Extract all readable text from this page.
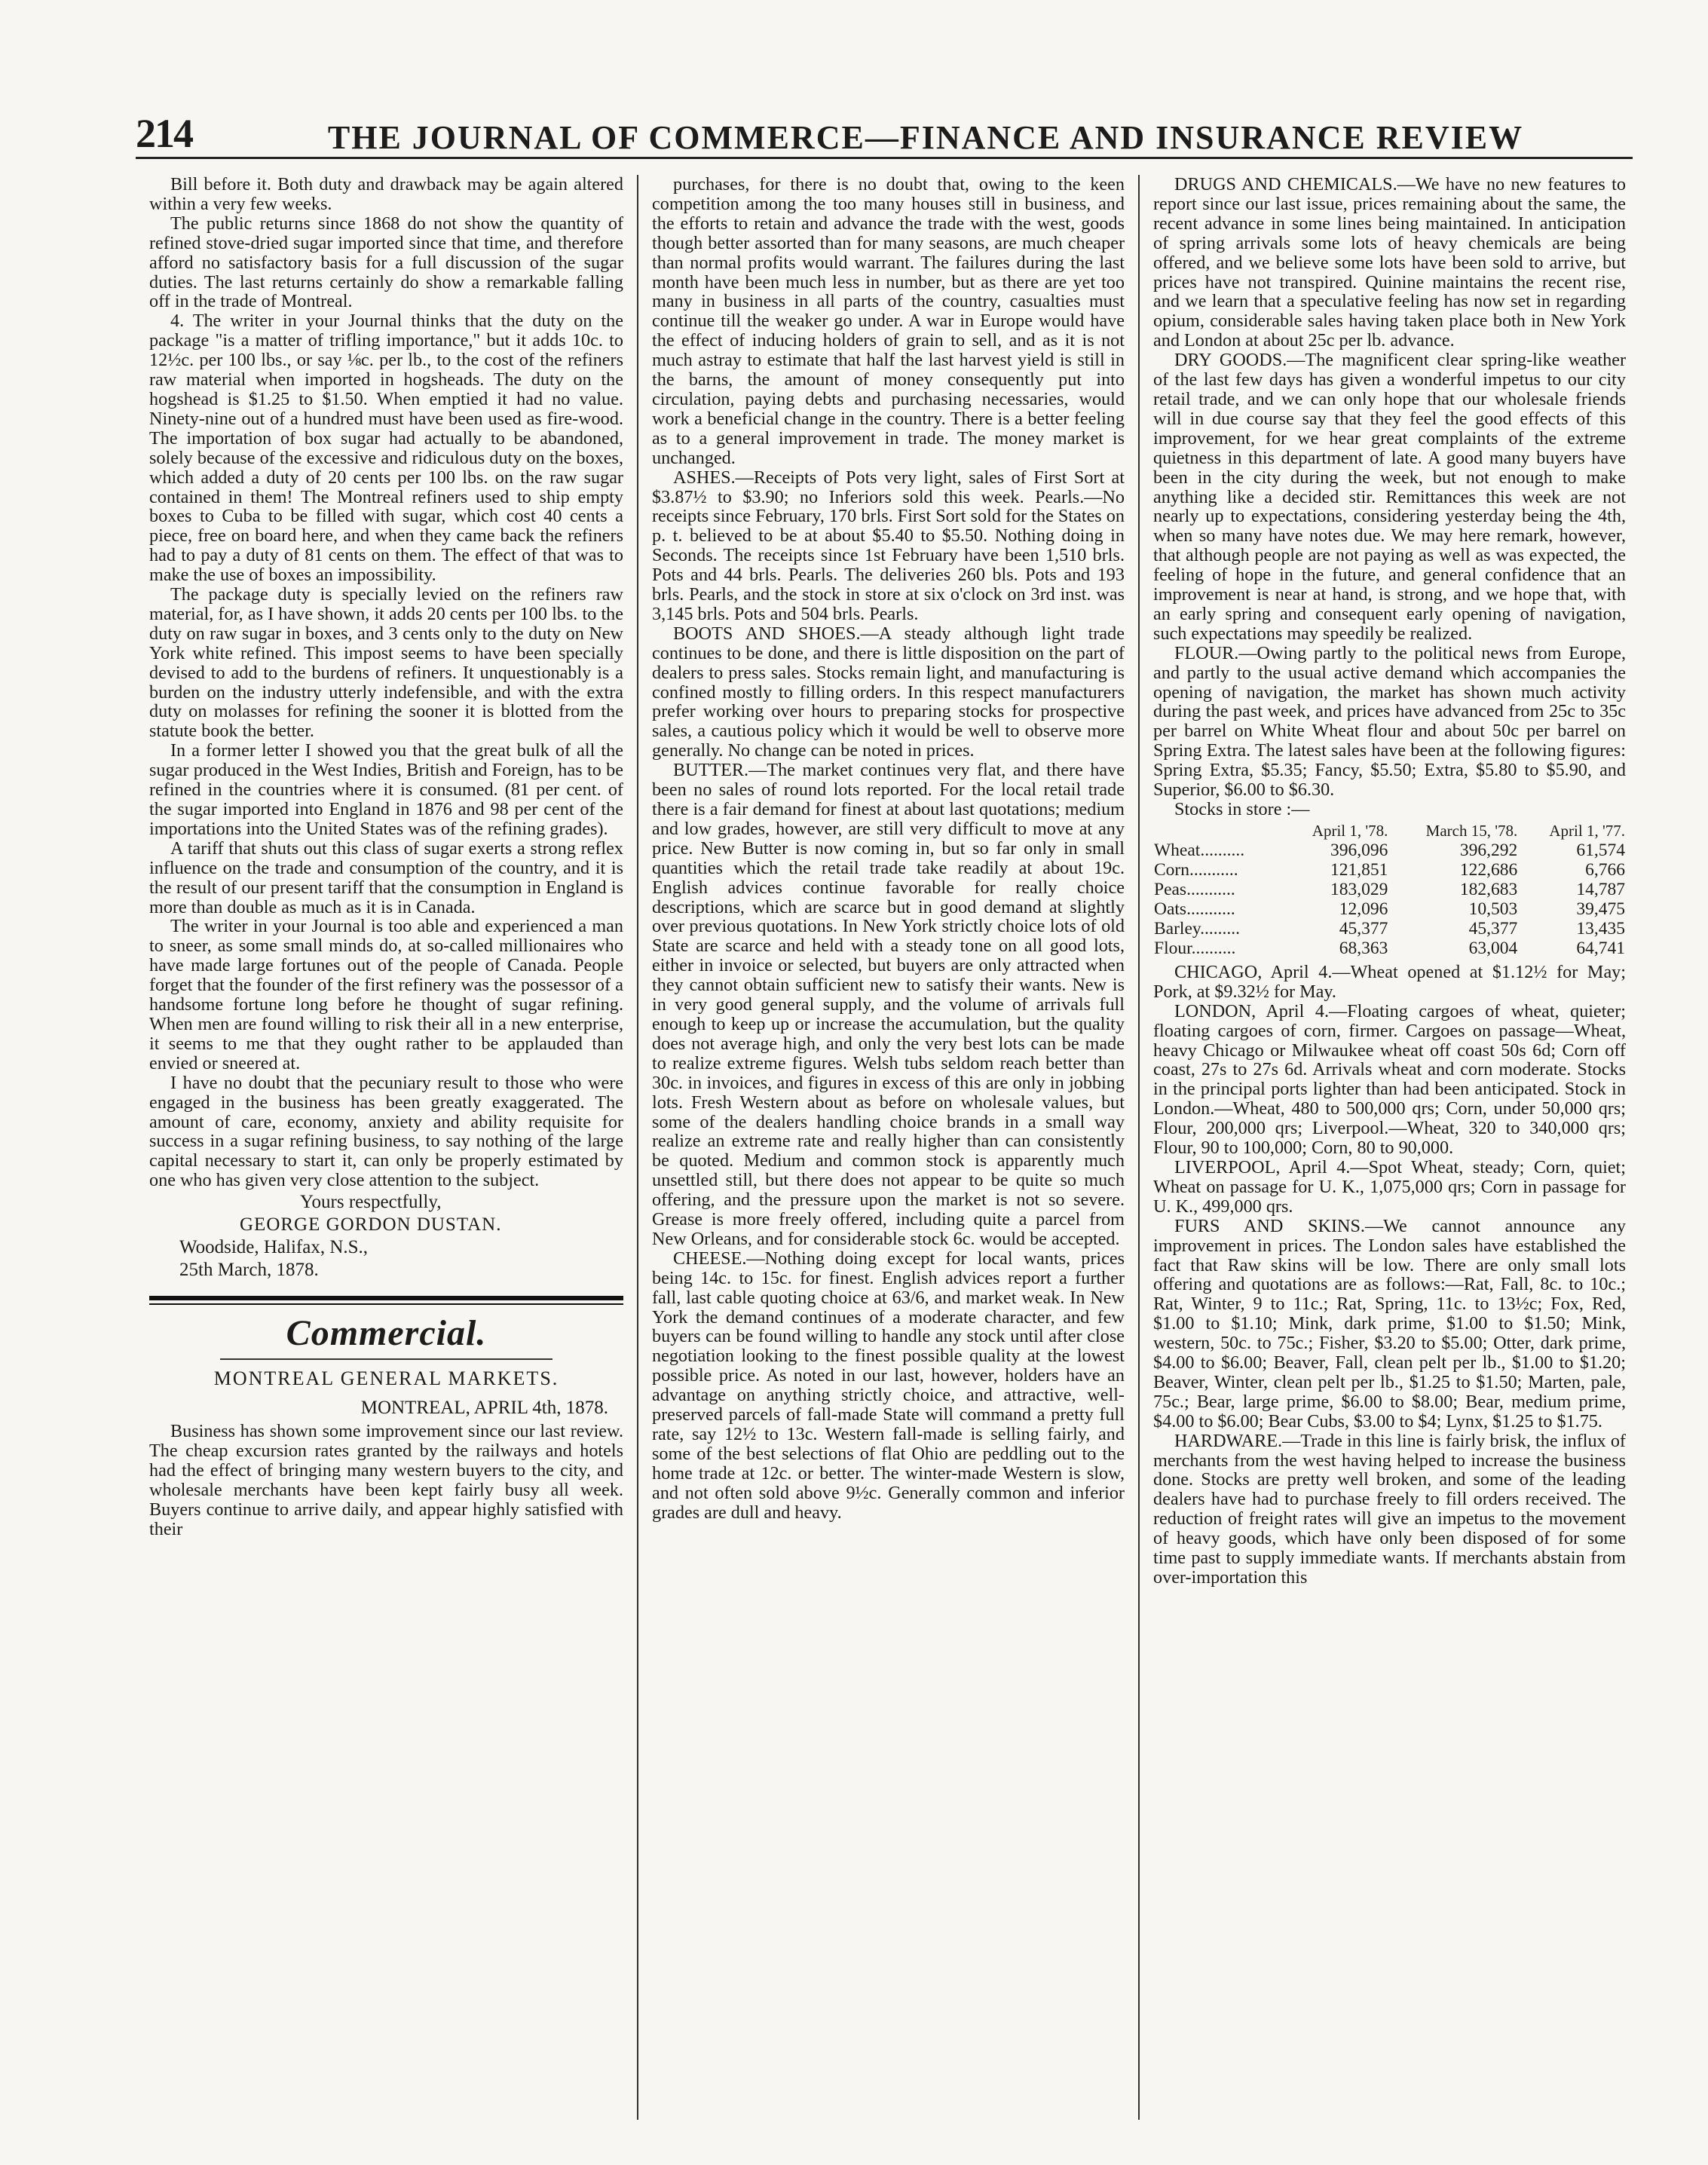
214	THE JOURNAL OF COMMERCE—FINANCE AND INSURANCE REVIEW

Bill before it. Both duty and drawback may be again altered within a very few weeks.

The public returns since 1868 do not show the quantity of refined stove-dried sugar imported since that time, and therefore afford no satisfactory basis for a full discussion of the sugar duties. The last returns certainly do show a remarkable falling off in the trade of Montreal.

4. The writer in your Journal thinks that the duty on the package "is a matter of trifling importance," but it adds 10c. to 12½c. per 100 lbs., or say ⅛c. per lb., to the cost of the refiners raw material when imported in hogsheads. The duty on the hogshead is $1.25 to $1.50. When emptied it had no value. Ninety-nine out of a hundred must have been used as fire-wood. The importation of box sugar had actually to be abandoned, solely because of the excessive and ridiculous duty on the boxes, which added a duty of 20 cents per 100 lbs. on the raw sugar contained in them! The Montreal refiners used to ship empty boxes to Cuba to be filled with sugar, which cost 40 cents a piece, free on board here, and when they came back the refiners had to pay a duty of 81 cents on them. The effect of that was to make the use of boxes an impossibility.

The package duty is specially levied on the refiners raw material, for, as I have shown, it adds 20 cents per 100 lbs. to the duty on raw sugar in boxes, and 3 cents only to the duty on New York white refined. This impost seems to have been specially devised to add to the burdens of refiners. It unquestionably is a burden on the industry utterly indefensible, and with the extra duty on molasses for refining the sooner it is blotted from the statute book the better.

In a former letter I showed you that the great bulk of all the sugar produced in the West Indies, British and Foreign, has to be refined in the countries where it is consumed. (81 per cent. of the sugar imported into England in 1876 and 98 per cent of the importations into the United States was of the refining grades).

A tariff that shuts out this class of sugar exerts a strong reflex influence on the trade and consumption of the country, and it is the result of our present tariff that the consumption in England is more than double as much as it is in Canada.

The writer in your Journal is too able and experienced a man to sneer, as some small minds do, at so-called millionaires who have made large fortunes out of the people of Canada. People forget that the founder of the first refinery was the possessor of a handsome fortune long before he thought of sugar refining. When men are found willing to risk their all in a new enterprise, it seems to me that they ought rather to be applauded than envied or sneered at.

I have no doubt that the pecuniary result to those who were engaged in the business has been greatly exaggerated. The amount of care, economy, anxiety and ability requisite for success in a sugar refining business, to say nothing of the large capital necessary to start it, can only be properly estimated by one who has given very close attention to the subject.

Yours respectfully,
GEORGE GORDON DUSTAN.
Woodside, Halifax, N.S.,
25th March, 1878.
Commercial.
MONTREAL GENERAL MARKETS.
MONTREAL, APRIL 4th, 1878.

Business has shown some improvement since our last review. The cheap excursion rates granted by the railways and hotels had the effect of bringing many western buyers to the city, and wholesale merchants have been kept fairly busy all week. Buyers continue to arrive daily, and appear highly satisfied with their

purchases, for there is no doubt that, owing to the keen competition among the too many houses still in business, and the efforts to retain and advance the trade with the west, goods though better assorted than for many seasons, are much cheaper than normal profits would warrant. The failures during the last month have been much less in number, but as there are yet too many in business in all parts of the country, casualties must continue till the weaker go under. A war in Europe would have the effect of inducing holders of grain to sell, and as it is not much astray to estimate that half the last harvest yield is still in the barns, the amount of money consequently put into circulation, paying debts and purchasing necessaries, would work a beneficial change in the country. There is a better feeling as to a general improvement in trade. The money market is unchanged.

ASHES.—Receipts of Pots very light, sales of First Sort at $3.87½ to $3.90; no Inferiors sold this week. Pearls.—No receipts since February, 170 brls. First Sort sold for the States on p. t. believed to be at about $5.40 to $5.50. Nothing doing in Seconds. The receipts since 1st February have been 1,510 brls. Pots and 44 brls. Pearls. The deliveries 260 bls. Pots and 193 brls. Pearls, and the stock in store at six o'clock on 3rd inst. was 3,145 brls. Pots and 504 brls. Pearls.

BOOTS AND SHOES.—A steady although light trade continues to be done, and there is little disposition on the part of dealers to press sales. Stocks remain light, and manufacturing is confined mostly to filling orders. In this respect manufacturers prefer working over hours to preparing stocks for prospective sales, a cautious policy which it would be well to observe more generally. No change can be noted in prices.

BUTTER.—The market continues very flat, and there have been no sales of round lots reported. For the local retail trade there is a fair demand for finest at about last quotations; medium and low grades, however, are still very difficult to move at any price. New Butter is now coming in, but so far only in small quantities which the retail trade take readily at about 19c. English advices continue favorable for really choice descriptions, which are scarce but in good demand at slightly over previous quotations. In New York strictly choice lots of old State are scarce and held with a steady tone on all good lots, either in invoice or selected, but buyers are only attracted when they cannot obtain sufficient new to satisfy their wants. New is in very good general supply, and the volume of arrivals full enough to keep up or increase the accumulation, but the quality does not average high, and only the very best lots can be made to realize extreme figures. Welsh tubs seldom reach better than 30c. in invoices, and figures in excess of this are only in jobbing lots. Fresh Western about as before on wholesale values, but some of the dealers handling choice brands in a small way realize an extreme rate and really higher than can consistently be quoted. Medium and common stock is apparently much unsettled still, but there does not appear to be quite so much offering, and the pressure upon the market is not so severe. Grease is more freely offered, including quite a parcel from New Orleans, and for considerable stock 6c. would be accepted.

CHEESE.—Nothing doing except for local wants, prices being 14c. to 15c. for finest. English advices report a further fall, last cable quoting choice at 63/6, and market weak. In New York the demand continues of a moderate character, and few buyers can be found willing to handle any stock until after close negotiation looking to the finest possible quality at the lowest possible price. As noted in our last, however, holders have an advantage on anything strictly choice, and attractive, well-preserved parcels of fall-made State will command a pretty full rate, say 12½ to 13c. Western fall-made is selling fairly, and some of the best selections of flat Ohio are peddling out to the home trade at 12c. or better. The winter-made Western is slow, and not often sold above 9½c. Generally common and inferior grades are dull and heavy.

DRUGS AND CHEMICALS.—We have no new features to report since our last issue, prices remaining about the same, the recent advance in some lines being maintained. In anticipation of spring arrivals some lots of heavy chemicals are being offered, and we believe some lots have been sold to arrive, but prices have not transpired. Quinine maintains the recent rise, and we learn that a speculative feeling has now set in regarding opium, considerable sales having taken place both in New York and London at about 25c per lb. advance.

DRY GOODS.—The magnificent clear spring-like weather of the last few days has given a wonderful impetus to our city retail trade, and we can only hope that our wholesale friends will in due course say that they feel the good effects of this improvement, for we hear great complaints of the extreme quietness in this department of late. A good many buyers have been in the city during the week, but not enough to make anything like a decided stir. Remittances this week are not nearly up to expectations, considering yesterday being the 4th, when so many have notes due. We may here remark, however, that although people are not paying as well as was expected, the feeling of hope in the future, and general confidence that an improvement is near at hand, is strong, and we hope that, with an early spring and consequent early opening of navigation, such expectations may speedily be realized.

FLOUR.—Owing partly to the political news from Europe, and partly to the usual active demand which accompanies the opening of navigation, the market has shown much activity during the past week, and prices have advanced from 25c to 35c per barrel on White Wheat flour and about 50c per barrel on Spring Extra. The latest sales have been at the following figures: Spring Extra, $5.35; Fancy, $5.50; Extra, $5.80 to $5.90, and Superior, $6.00 to $6.30.

Stocks in store :—

	April 1, '78.	March 15, '78.	April 1, '77.
Wheat..........	396,096	396,292	61,574
Corn...........	121,851	122,686	6,766
Peas...........	183,029	182,683	14,787
Oats...........	12,096	10,503	39,475
Barley.........	45,377	45,377	13,435
Flour..........	68,363	63,004	64,741

CHICAGO, April 4.—Wheat opened at $1.12½ for May; Pork, at $9.32½ for May.

LONDON, April 4.—Floating cargoes of wheat, quieter; floating cargoes of corn, firmer. Cargoes on passage—Wheat, heavy Chicago or Milwaukee wheat off coast 50s 6d; Corn off coast, 27s to 27s 6d. Arrivals wheat and corn moderate. Stocks in the principal ports lighter than had been anticipated. Stock in London.—Wheat, 480 to 500,000 qrs; Corn, under 50,000 qrs; Flour, 200,000 qrs; Liverpool.—Wheat, 320 to 340,000 qrs; Flour, 90 to 100,000; Corn, 80 to 90,000.

LIVERPOOL, April 4.—Spot Wheat, steady; Corn, quiet; Wheat on passage for U. K., 1,075,000 qrs; Corn in passage for U. K., 499,000 qrs.

FURS AND SKINS.—We cannot announce any improvement in prices. The London sales have established the fact that Raw skins will be low. There are only small lots offering and quotations are as follows:—Rat, Fall, 8c. to 10c.; Rat, Winter, 9 to 11c.; Rat, Spring, 11c. to 13½c; Fox, Red, $1.00 to $1.10; Mink, dark prime, $1.00 to $1.50; Mink, western, 50c. to 75c.; Fisher, $3.20 to $5.00; Otter, dark prime, $4.00 to $6.00; Beaver, Fall, clean pelt per lb., $1.00 to $1.20; Beaver, Winter, clean pelt per lb., $1.25 to $1.50; Marten, pale, 75c.; Bear, large prime, $6.00 to $8.00; Bear, medium prime, $4.00 to $6.00; Bear Cubs, $3.00 to $4; Lynx, $1.25 to $1.75.

HARDWARE.—Trade in this line is fairly brisk, the influx of merchants from the west having helped to increase the business done. Stocks are pretty well broken, and some of the leading dealers have had to purchase freely to fill orders received. The reduction of freight rates will give an impetus to the movement of heavy goods, which have only been disposed of for some time past to supply immediate wants. If merchants abstain from over-importation this
